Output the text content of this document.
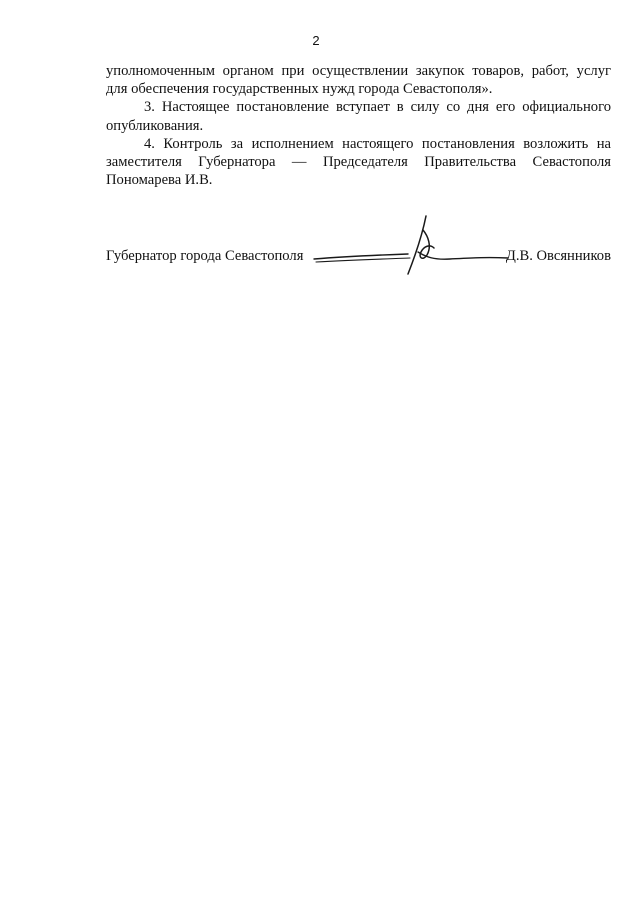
2

уполномоченным органом при осуществлении закупок товаров, работ, услуг
для обеспечения государственных нужд города Севастополя».

3. Настоящее постановление вступает в силу со дня его официального
опубликования.

4. Контроль за исполнением настоящего постановления возложить на
заместителя Губернатора — Председателя Правительства Севастополя
Пономарева И.В.

Губернатор города Севастополя	Д.В. Овсянников
